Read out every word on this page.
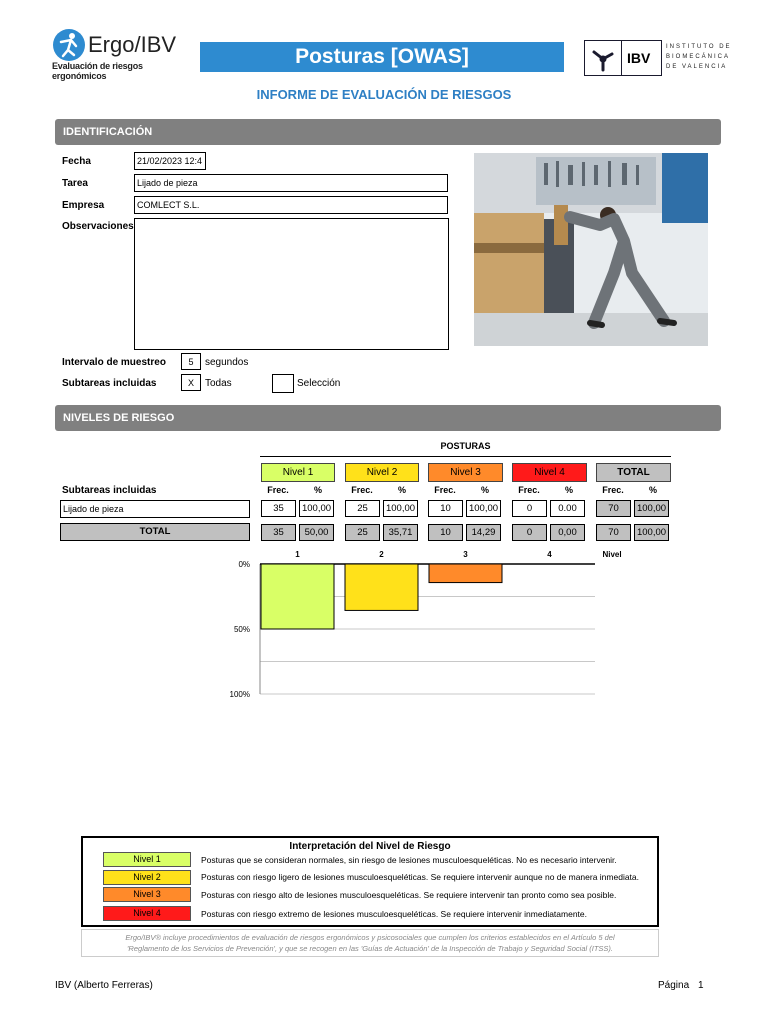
Ergo/IBV
Evaluación de riesgos ergonómicos
Posturas [OWAS]	IBV
INSTITUTO DE
BIOMECÁNICA
DE VALENCIA
INFORME DE EVALUACIÓN DE RIESGOS
IDENTIFICACIÓN
Fecha	21/02/2023 12:4
Tarea	Lijado de pieza
Empresa	COMLECT S.L.
Observaciones
Intervalo de muestreo	5	segundos
Subtareas incluidas	X	Todas	Selección
NIVELES DE RIESGO
POSTURAS
Nivel 1	Nivel 2	Nivel 3	Nivel 4	TOTAL
Subtareas incluidas	Frec.	%	Frec.	%	Frec.	%	Frec.	%	Frec.	%
Lijado de pieza	35	100,00	25	100,00	10	100,00	0	0.00	70	100,00
TOTAL	35	50,00	25	35,71	10	14,29	0	0,00	70	100,00
0%
50%
100%
1	2	3	4	Nivel
Interpretación del Nivel de Riesgo
Nivel 1	Posturas que se consideran normales, sin riesgo de lesiones musculoesqueléticas. No es necesario intervenir.
Nivel 2	Posturas con riesgo ligero de lesiones musculoesqueléticas. Se requiere intervenir aunque no de manera inmediata.
Nivel 3	Posturas con riesgo alto de lesiones musculoesqueléticas. Se requiere intervenir tan pronto como sea posible.
Nivel 4	Posturas con riesgo extremo de lesiones musculoesqueléticas. Se requiere intervenir inmediatamente.
Ergo/IBV® incluye procedimientos de evaluación de riesgos ergonómicos y psicosociales que cumplen los criterios establecidos en el Artículo 5 del
'Reglamento de los Servicios de Prevención', y que se recogen en las 'Guías de Actuación' de la Inspección de Trabajo y Seguridad Social (ITSS).
IBV (Alberto Ferreras)	Página 1
